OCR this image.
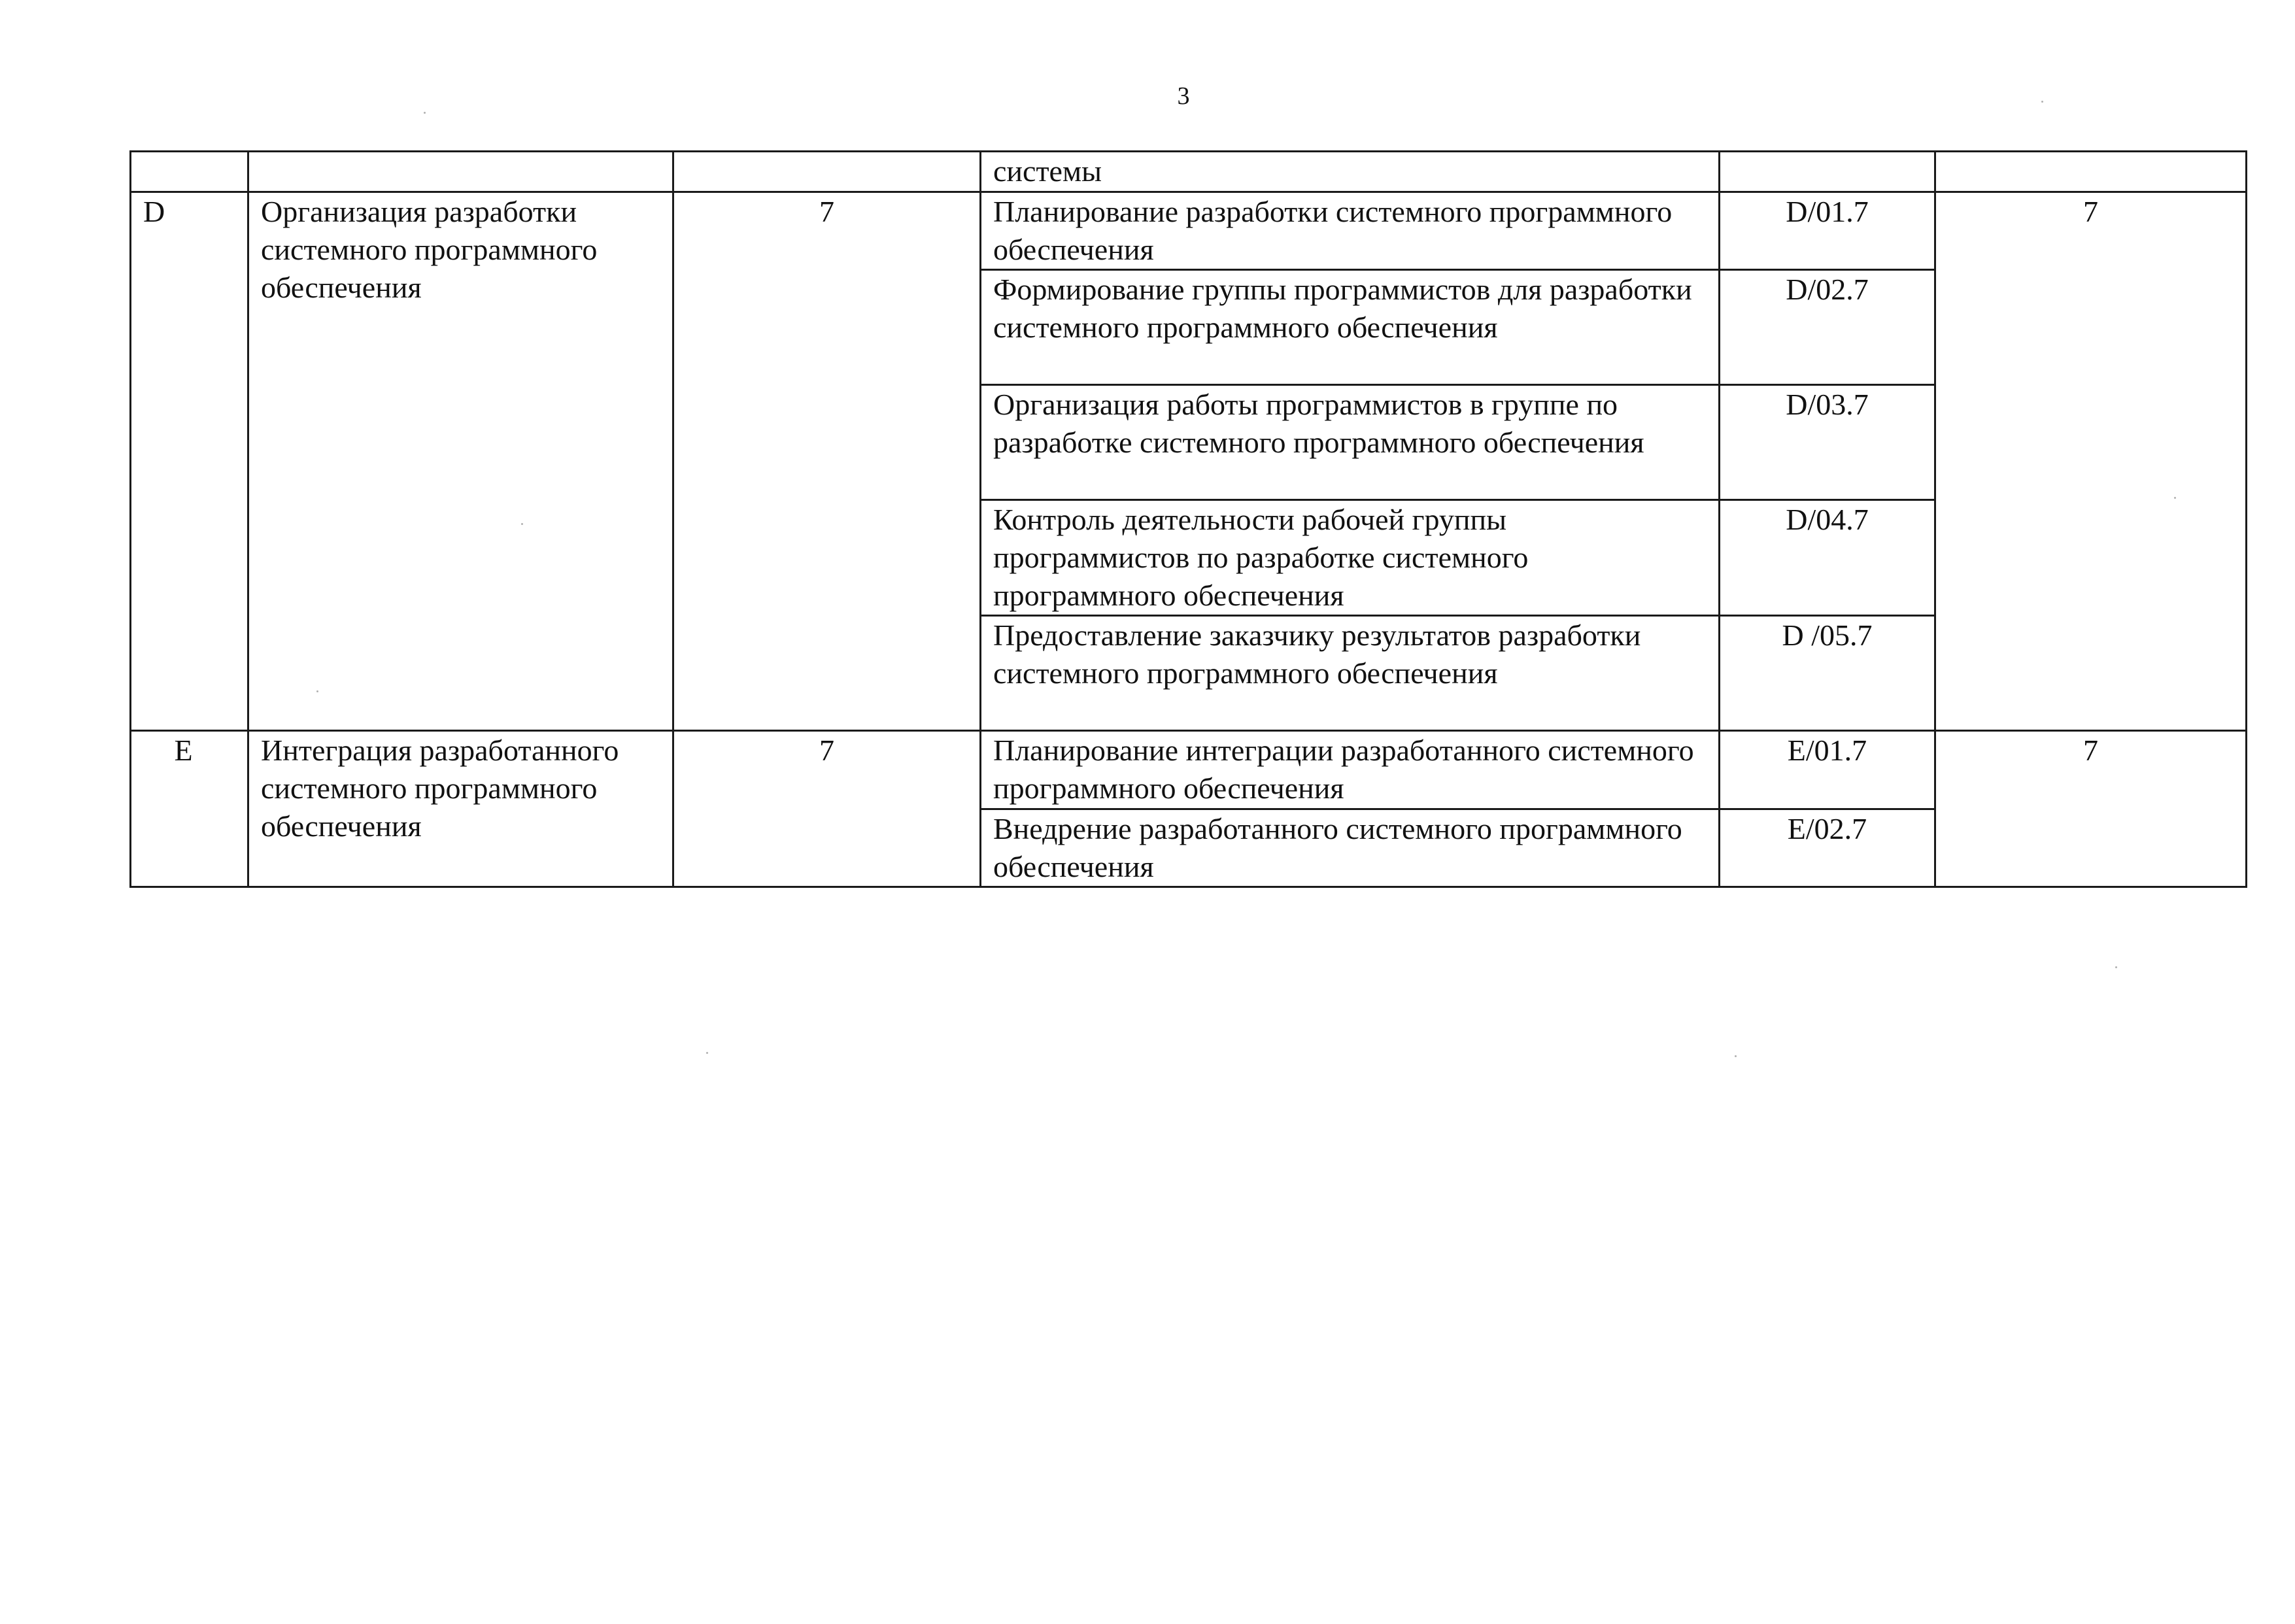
3

			системы		

D	Организация разработки системного программного обеспечения	7	Планирование разработки системного программного обеспечения	D/01.7	7

			Формирование группы программистов для разработки системного программного обеспечения	D/02.7	

			Организация работы программистов в группе по разработке системного программного обеспечения	D/03.7	

			Контроль деятельности рабочей группы программистов по разработке системного программного обеспечения	D/04.7	

			Предоставление заказчику результатов разработки системного программного обеспечения	D /05.7	

E	Интеграция разработанного системного программного обеспечения	7	Планирование интеграции разработанного системного программного обеспечения	E/01.7	7

			Внедрение разработанного системного программного обеспечения	E/02.7	
